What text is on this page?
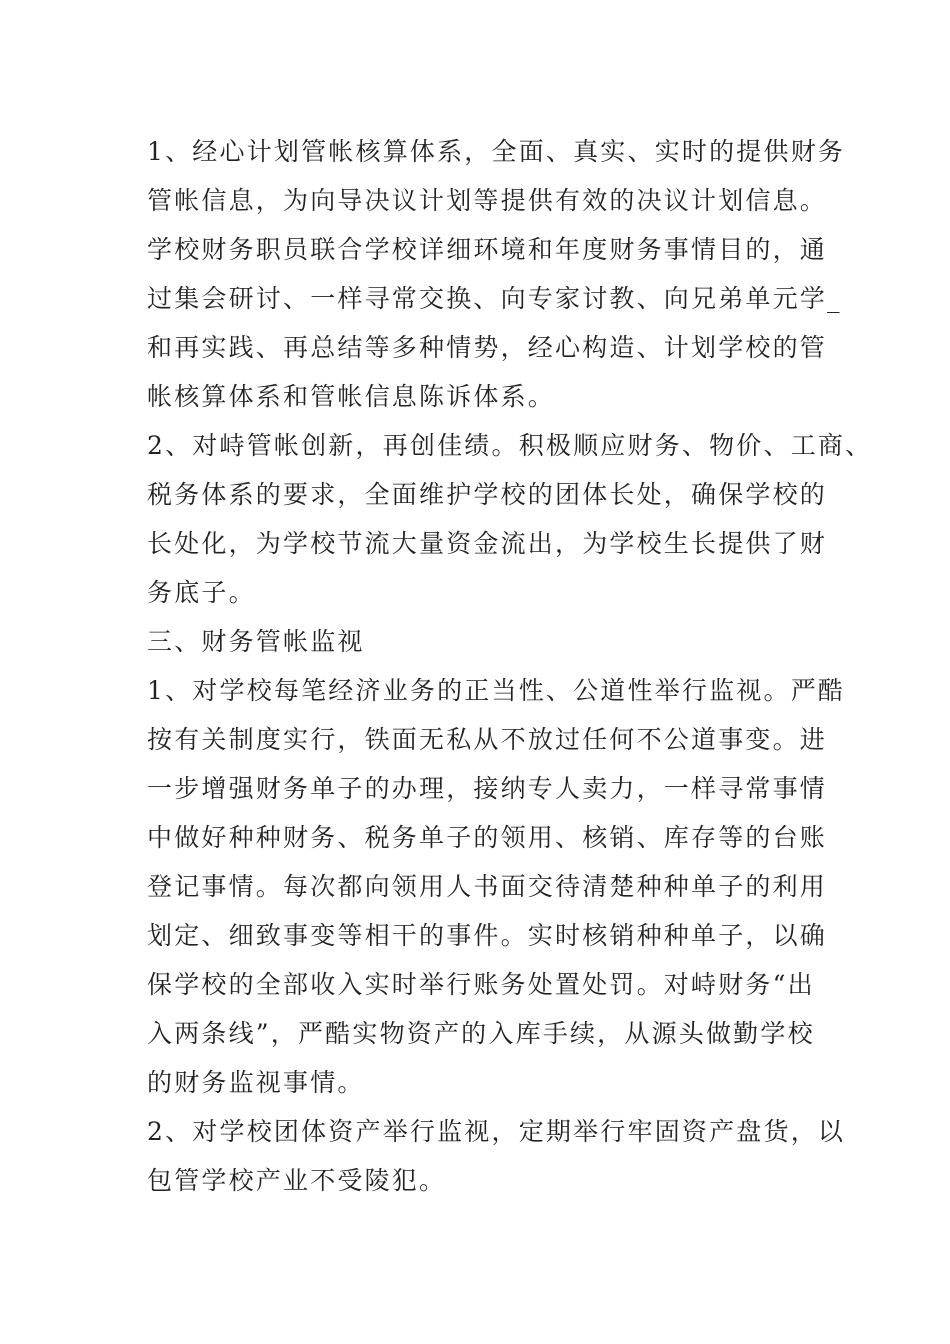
1、经心计划管帐核算体系，全面、真实、实时的提供财务
管帐信息，为向导决议计划等提供有效的决议计划信息。
学校财务职员联合学校详细环境和年度财务事情目的，通
过集会研讨、一样寻常交换、向专家讨教、向兄弟单元学_
和再实践、再总结等多种情势，经心构造、计划学校的管
帐核算体系和管帐信息陈诉体系。
2、对峙管帐创新，再创佳绩。积极顺应财务、物价、工商、
税务体系的要求，全面维护学校的团体长处，确保学校的
长处化，为学校节流大量资金流出，为学校生长提供了财
务底子。
三、财务管帐监视
1、对学校每笔经济业务的正当性、公道性举行监视。严酷
按有关制度实行，铁面无私从不放过任何不公道事变。进
一步增强财务单子的办理，接纳专人卖力，一样寻常事情
中做好种种财务、税务单子的领用、核销、库存等的台账
登记事情。每次都向领用人书面交待清楚种种单子的利用
划定、细致事变等相干的事件。实时核销种种单子，以确
保学校的全部收入实时举行账务处置处罚。对峙财务“出
入两条线”，严酷实物资产的入库手续，从源头做勤学校
的财务监视事情。
2、对学校团体资产举行监视，定期举行牢固资产盘货，以
包管学校产业不受陵犯。
